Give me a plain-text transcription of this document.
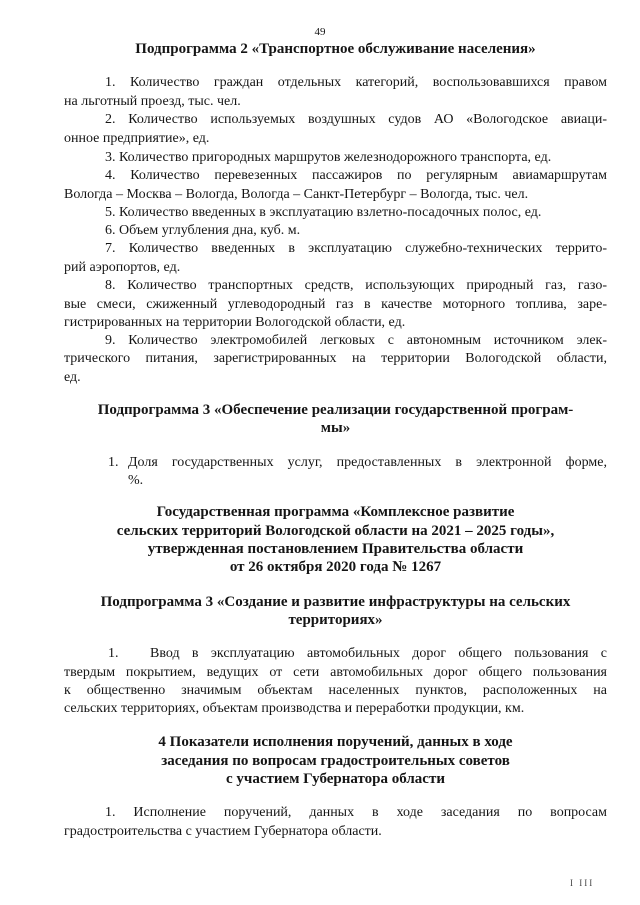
49
Подпрограмма 2 «Транспортное обслуживание населения»
1. Количество граждан отдельных категорий, воспользовавшихся правом
на льготный проезд, тыс. чел.
2. Количество используемых воздушных судов АО «Вологодское авиаци-
онное предприятие», ед.
3. Количество пригородных маршрутов железнодорожного транспорта, ед.
4. Количество перевезенных пассажиров по регулярным авиамаршрутам
Вологда – Москва – Вологда, Вологда – Санкт-Петербург – Вологда, тыс. чел.
5. Количество введенных в эксплуатацию взлетно-посадочных полос, ед.
6. Объем углубления дна, куб. м.
7. Количество введенных в эксплуатацию служебно-технических террито-
рий аэропортов, ед.
8. Количество транспортных средств, использующих природный газ, газо-
вые смеси, сжиженный углеводородный газ в качестве моторного топлива, заре-
гистрированных на территории Вологодской области, ед.
9. Количество электромобилей легковых с автономным источником элек-
трического питания, зарегистрированных на территории Вологодской области,
ед.
Подпрограмма 3 «Обеспечение реализации государственной програм-
мы»
1. Доля государственных услуг, предоставленных в электронной форме,
%.
Государственная программа «Комплексное развитие
сельских территорий Вологодской области на 2021 – 2025 годы»,
утвержденная постановлением Правительства области
от 26 октября 2020 года № 1267
Подпрограмма 3 «Создание и развитие инфраструктуры на сельских
территориях»
1.	Ввод в эксплуатацию автомобильных дорог общего пользования с
твердым покрытием, ведущих от сети автомобильных дорог общего пользования
к общественно значимым объектам населенных пунктов, расположенных на
сельских территориях, объектам производства и переработки продукции, км.
4 Показатели исполнения поручений, данных в ходе
заседания по вопросам градостроительных советов
с участием Губернатора области
1. Исполнение поручений, данных в ходе заседания по вопросам
градостроительства с участием Губернатора области.
I III
